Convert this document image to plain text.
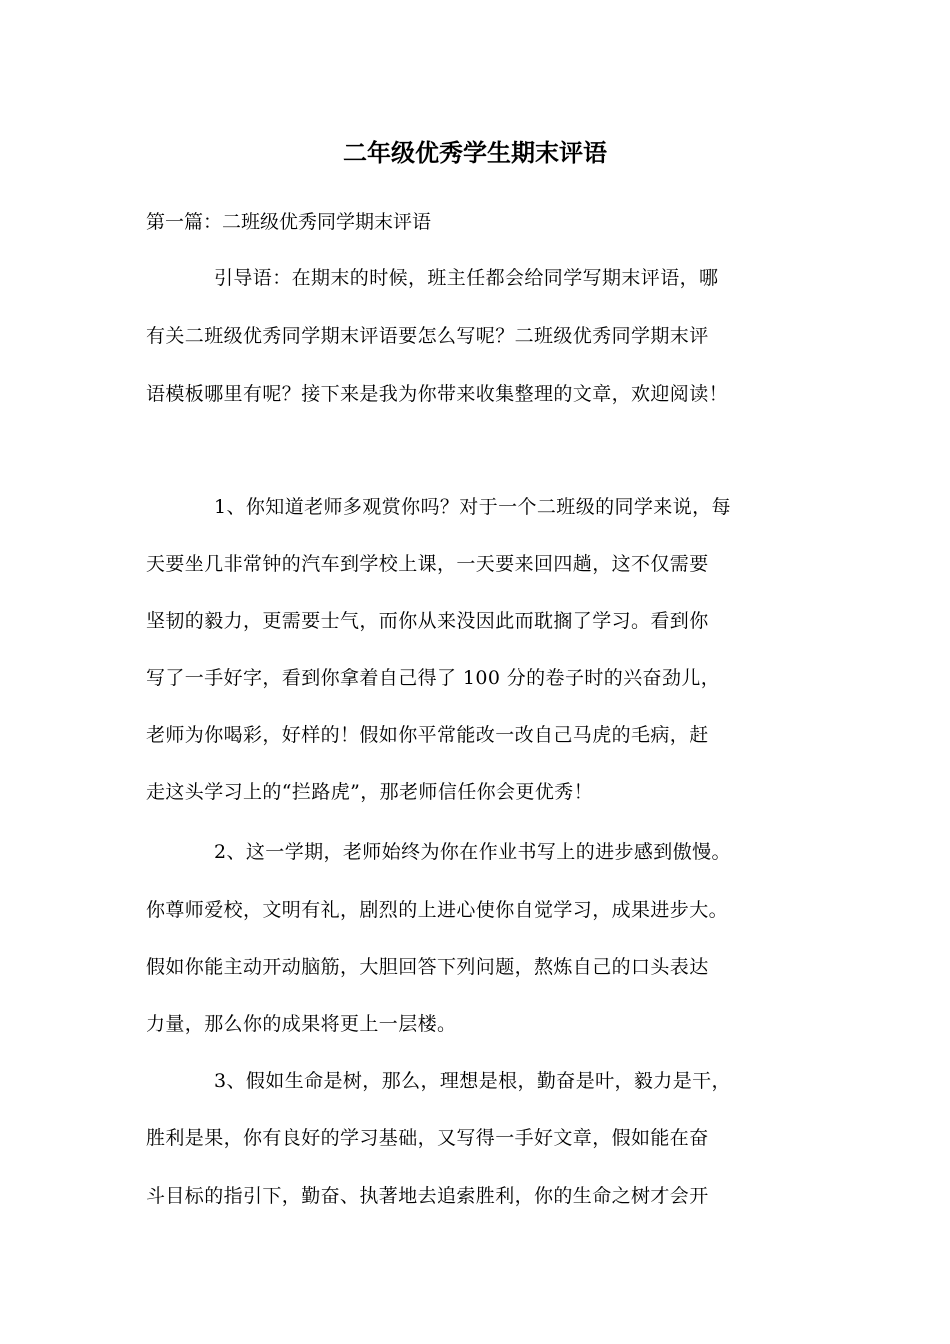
二年级优秀学生期末评语
第一篇：二班级优秀同学期末评语
引导语：在期末的时候，班主任都会给同学写期末评语，哪
有关二班级优秀同学期末评语要怎么写呢？二班级优秀同学期末评
语模板哪里有呢？接下来是我为你带来收集整理的文章，欢迎阅读！
1、你知道老师多观赏你吗？对于一个二班级的同学来说，每
天要坐几非常钟的汽车到学校上课，一天要来回四趟，这不仅需要
坚韧的毅力，更需要士气，而你从来没因此而耽搁了学习。看到你
写了一手好字，看到你拿着自己得了 100 分的卷子时的兴奋劲儿，
老师为你喝彩，好样的！假如你平常能改一改自己马虎的毛病，赶
走这头学习上的“拦路虎”，那老师信任你会更优秀！
2、这一学期，老师始终为你在作业书写上的进步感到傲慢。
你尊师爱校，文明有礼，剧烈的上进心使你自觉学习，成果进步大。
假如你能主动开动脑筋，大胆回答下列问题，熬炼自己的口头表达
力量，那么你的成果将更上一层楼。
3、假如生命是树，那么，理想是根，勤奋是叶，毅力是干，
胜利是果，你有良好的学习基础，又写得一手好文章，假如能在奋
斗目标的指引下，勤奋、执著地去追索胜利，你的生命之树才会开
